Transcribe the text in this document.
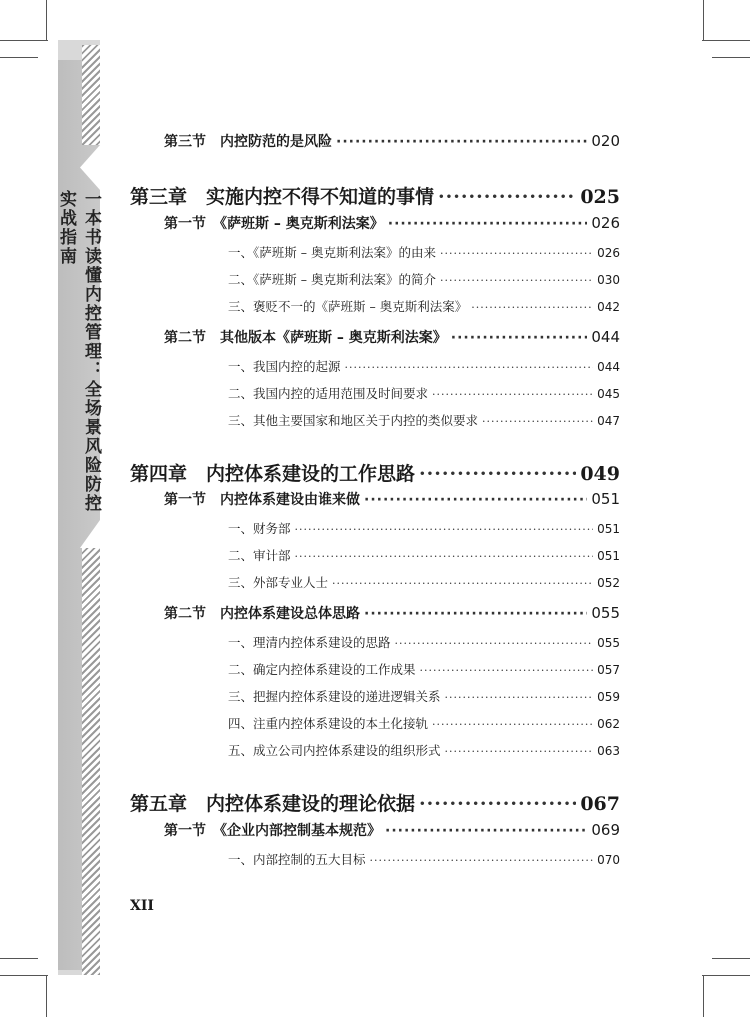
一本书读懂内控管理：全场景风险防控实战指南
第三节　内控防范的是风险 ·····	020
第三章　实施内控不得不知道的事情 ·····	025
第一节　《萨班斯 – 奥克斯利法案》 ·····	026
一、《萨班斯 – 奥克斯利法案》的由来 ·····	026
二、《萨班斯 – 奥克斯利法案》的简介 ·····	030
三、褒贬不一的《萨班斯 – 奥克斯利法案》 ·····	042
第二节　其他版本《萨班斯 – 奥克斯利法案》 ·····	044
一、我国内控的起源 ·····	044
二、我国内控的适用范围及时间要求 ·····	045
三、其他主要国家和地区关于内控的类似要求 ·····	047
第四章　内控体系建设的工作思路 ·····	049
第一节　内控体系建设由谁来做 ·····	051
一、财务部 ·····	051
二、审计部 ·····	051
三、外部专业人士 ·····	052
第二节　内控体系建设总体思路 ·····	055
一、理清内控体系建设的思路 ·····	055
二、确定内控体系建设的工作成果 ·····	057
三、把握内控体系建设的递进逻辑关系 ·····	059
四、注重内控体系建设的本土化接轨 ·····	062
五、成立公司内控体系建设的组织形式 ·····	063
第五章　内控体系建设的理论依据 ·····	067
第一节　《企业内部控制基本规范》 ·····	069
一、内部控制的五大目标 ·····	070
XII
